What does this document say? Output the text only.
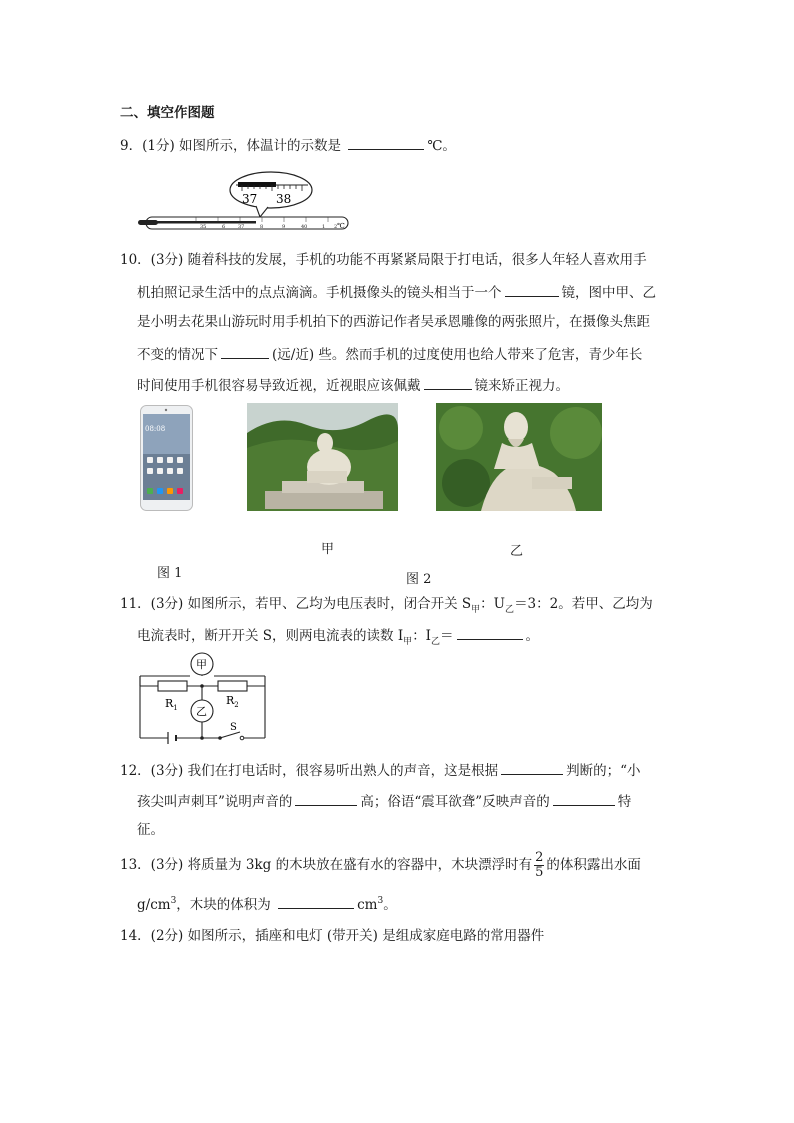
二、填空作图题
9．(1分) 如图所示，体温计的示数是	℃。
37 38
35	6	37	8	9	40	1 2 ℃
10．(3分) 随着科技的发展，手机的功能不再紧紧局限于打电话，很多人年轻人喜欢用手
机拍照记录生活中的点点滴滴。手机摄像头的镜头相当于一个	镜，图中甲、乙
是小明去花果山游玩时用手机拍下的西游记作者吴承恩雕像的两张照片，在摄像头焦距
不变的情况下	(远/近) 些。然而手机的过度使用也给人带来了危害，青少年长
时间使用手机很容易导致近视，近视眼应该佩戴	镜来矫正视力。
08:08
甲	乙
图 1	图 2
11．(3分) 如图所示，若甲、乙均为电压表时，闭合开关 $S_甲$：$U_乙=3$：2。若甲、乙均为
电流表时，断开开关 S，则两电流表的读数 $I_甲$：$I_乙=$	。
甲
$R_1$
$R_2$
乙
S
12．(3分) 我们在打电话时，很容易听出熟人的声音，这是根据	判断的；“小
孩尖叫声刺耳”说明声音的	高；俗语“震耳欲聋”反映声音的	特
征。
13．(3分) 将质量为 3kg 的木块放在盛有水的容器中，木块漂浮时有 $\frac{2}{5}$ 的体积露出水面
$g/cm^3$，木块的体积为	$cm^3$。
14．(2分) 如图所示，插座和电灯 (带开关) 是组成家庭电路的常用器件
